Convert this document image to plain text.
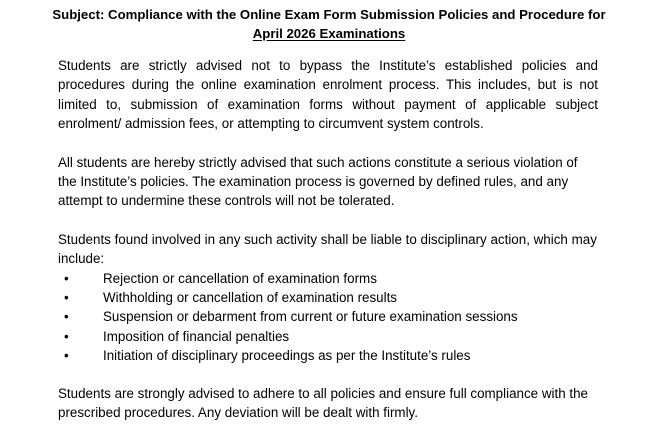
Subject: Compliance with the Online Exam Form Submission Policies and Procedure for
April 2026 Examinations

Students are strictly advised not to bypass the Institute’s established policies and procedures during the online examination enrolment process. This includes, but is not limited to, submission of examination forms without payment of applicable subject enrolment/ admission fees, or attempting to circumvent system controls.

All students are hereby strictly advised that such actions constitute a serious violation of the Institute’s policies. The examination process is governed by defined rules, and any attempt to undermine these controls will not be tolerated.

Students found involved in any such activity shall be liable to disciplinary action, which may include:

•	Rejection or cancellation of examination forms
•	Withholding or cancellation of examination results
•	Suspension or debarment from current or future examination sessions
•	Imposition of financial penalties
•	Initiation of disciplinary proceedings as per the Institute’s rules

Students are strongly advised to adhere to all policies and ensure full compliance with the prescribed procedures. Any deviation will be dealt with firmly.
